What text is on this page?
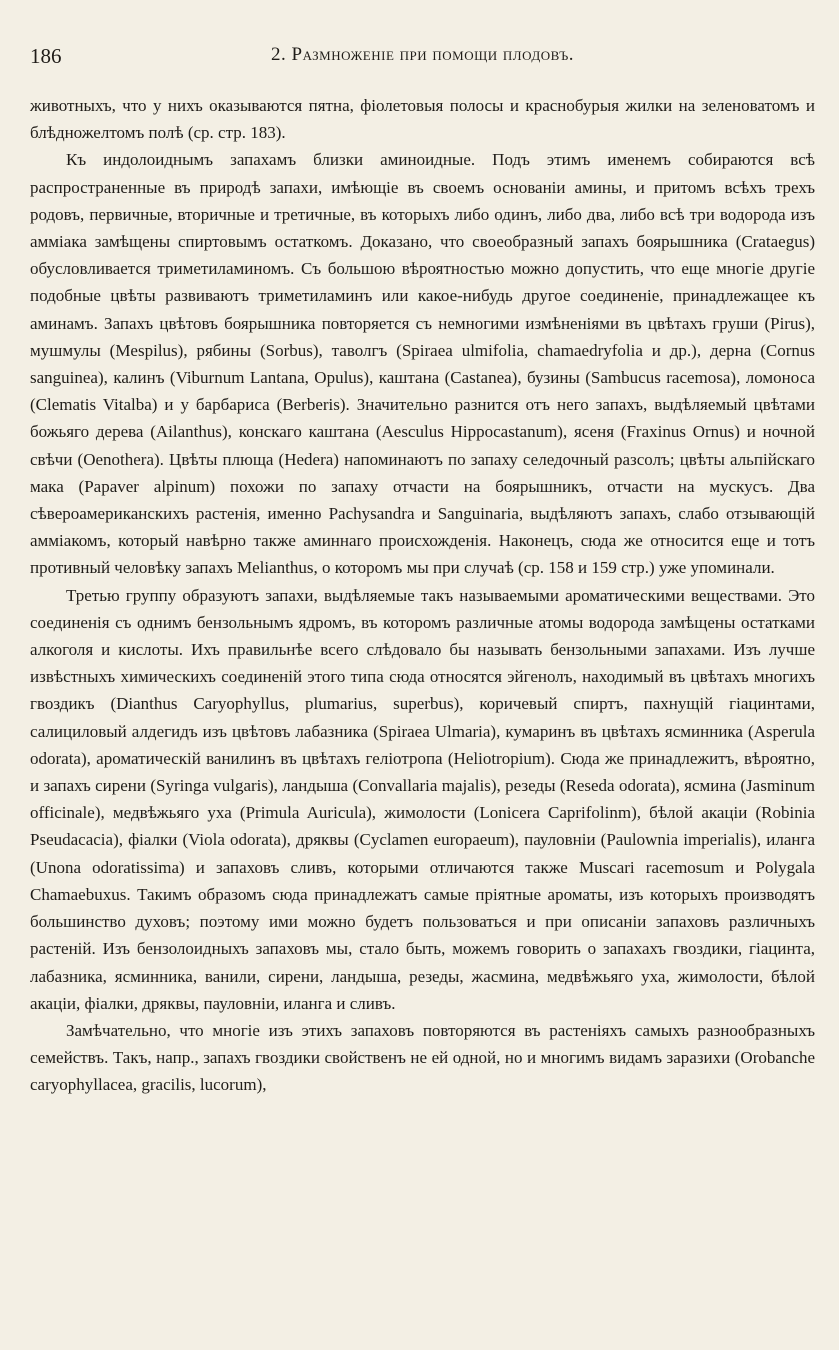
186	2. Размноженіе при помощи плодовъ.

животныхъ, что у нихъ оказываются пятна, фіолетовыя полосы и краснобурыя жилки на зеленоватомъ и блѣдножелтомъ полѣ (ср. стр. 183).

Къ индолоиднымъ запахамъ близки аминоидные. Подъ этимъ именемъ собираются всѣ распространенные въ природѣ запахи, имѣющіе въ своемъ основаніи амины, и притомъ всѣхъ трехъ родовъ, первичные, вторичные и третичные, въ которыхъ либо одинъ, либо два, либо всѣ три водорода изъ амміака замѣщены спиртовымъ остаткомъ. Доказано, что своеобразный запахъ боярышника (Crataegus) обусловливается триметиламиномъ. Съ большою вѣроятностью можно допустить, что еще многіе другіе подобные цвѣты развиваютъ триметиламинъ или какое-нибудь другое соединеніе, принадлежащее къ аминамъ. Запахъ цвѣтовъ боярышника повторяется съ немногими измѣненіями въ цвѣтахъ груши (Pirus), мушмулы (Mespilus), рябины (Sorbus), таволгъ (Spiraea ulmifolia, chamaedryfolia и др.), дерна (Cornus sanguinea), калинъ (Viburnum Lantana, Opulus), каштана (Castanea), бузины (Sambucus racemosa), ломоноса (Clematis Vitalba) и у барбариса (Berberis). Значительно разнится отъ него запахъ, выдѣляемый цвѣтами божьяго дерева (Ailanthus), конскаго каштана (Aesculus Hippocastanum), ясеня (Fraxinus Ornus) и ночной свѣчи (Oenothera). Цвѣты плюща (Hedera) напоминаютъ по запаху селедочный разсолъ; цвѣты альпійскаго мака (Papaver alpinum) похожи по запаху отчасти на боярышникъ, отчасти на мускусъ. Два сѣвероамериканскихъ растенія, именно Pachysandra и Sanguinaria, выдѣляютъ запахъ, слабо отзывающій амміакомъ, который навѣрно также аминнаго происхожденія. Наконецъ, сюда же относится еще и тотъ противный человѣку запахъ Melianthus, о которомъ мы при случаѣ (ср. 158 и 159 стр.) уже упоминали.

Третью группу образуютъ запахи, выдѣляемые такъ называемыми ароматическими веществами. Это соединенія съ однимъ бензольнымъ ядромъ, въ которомъ различные атомы водорода замѣщены остатками алкоголя и кислоты. Ихъ правильнѣе всего слѣдовало бы называть бензольными запахами. Изъ лучше извѣстныхъ химическихъ соединеній этого типа сюда относятся эйгенолъ, находимый въ цвѣтахъ многихъ гвоздикъ (Dianthus Caryophyllus, plumarius, superbus), коричевый спиртъ, пахнущій гіацинтами, салициловый алдегидъ изъ цвѣтовъ лабазника (Spiraea Ulmaria), кумаринъ въ цвѣтахъ ясминника (Asperula odorata), ароматическій ванилинъ въ цвѣтахъ геліотропа (Heliotropium). Сюда же принадлежитъ, вѣроятно, и запахъ сирени (Syringa vulgaris), ландыша (Convallaria majalis), резеды (Reseda odorata), ясмина (Jasminum officinale), медвѣжьяго уха (Primula Auricula), жимолости (Lonicera Caprifolinm), бѣлой акаціи (Robinia Pseudacacia), фіалки (Viola odorata), дряквы (Cyclamen europaeum), пауловніи (Paulownia imperialis), иланга (Unona odoratissima) и запаховъ сливъ, которыми отличаются также Muscari racemosum и Polygala Chamaebuxus. Такимъ образомъ сюда принадлежатъ самые пріятные ароматы, изъ которыхъ производятъ большинство духовъ; поэтому ими можно будетъ пользоваться и при описаніи запаховъ различныхъ растеній. Изъ бензолоидныхъ запаховъ мы, стало быть, можемъ говорить о запахахъ гвоздики, гіацинта, лабазника, ясминника, ванили, сирени, ландыша, резеды, жасмина, медвѣжьяго уха, жимолости, бѣлой акаціи, фіалки, дряквы, пауловніи, иланга и сливъ.

Замѣчательно, что многіе изъ этихъ запаховъ повторяются въ растеніяхъ самыхъ разнообразныхъ семействъ. Такъ, напр., запахъ гвоздики свойственъ не ей одной, но и многимъ видамъ заразихи (Orobanche caryophyllacea, gracilis, lucorum),
